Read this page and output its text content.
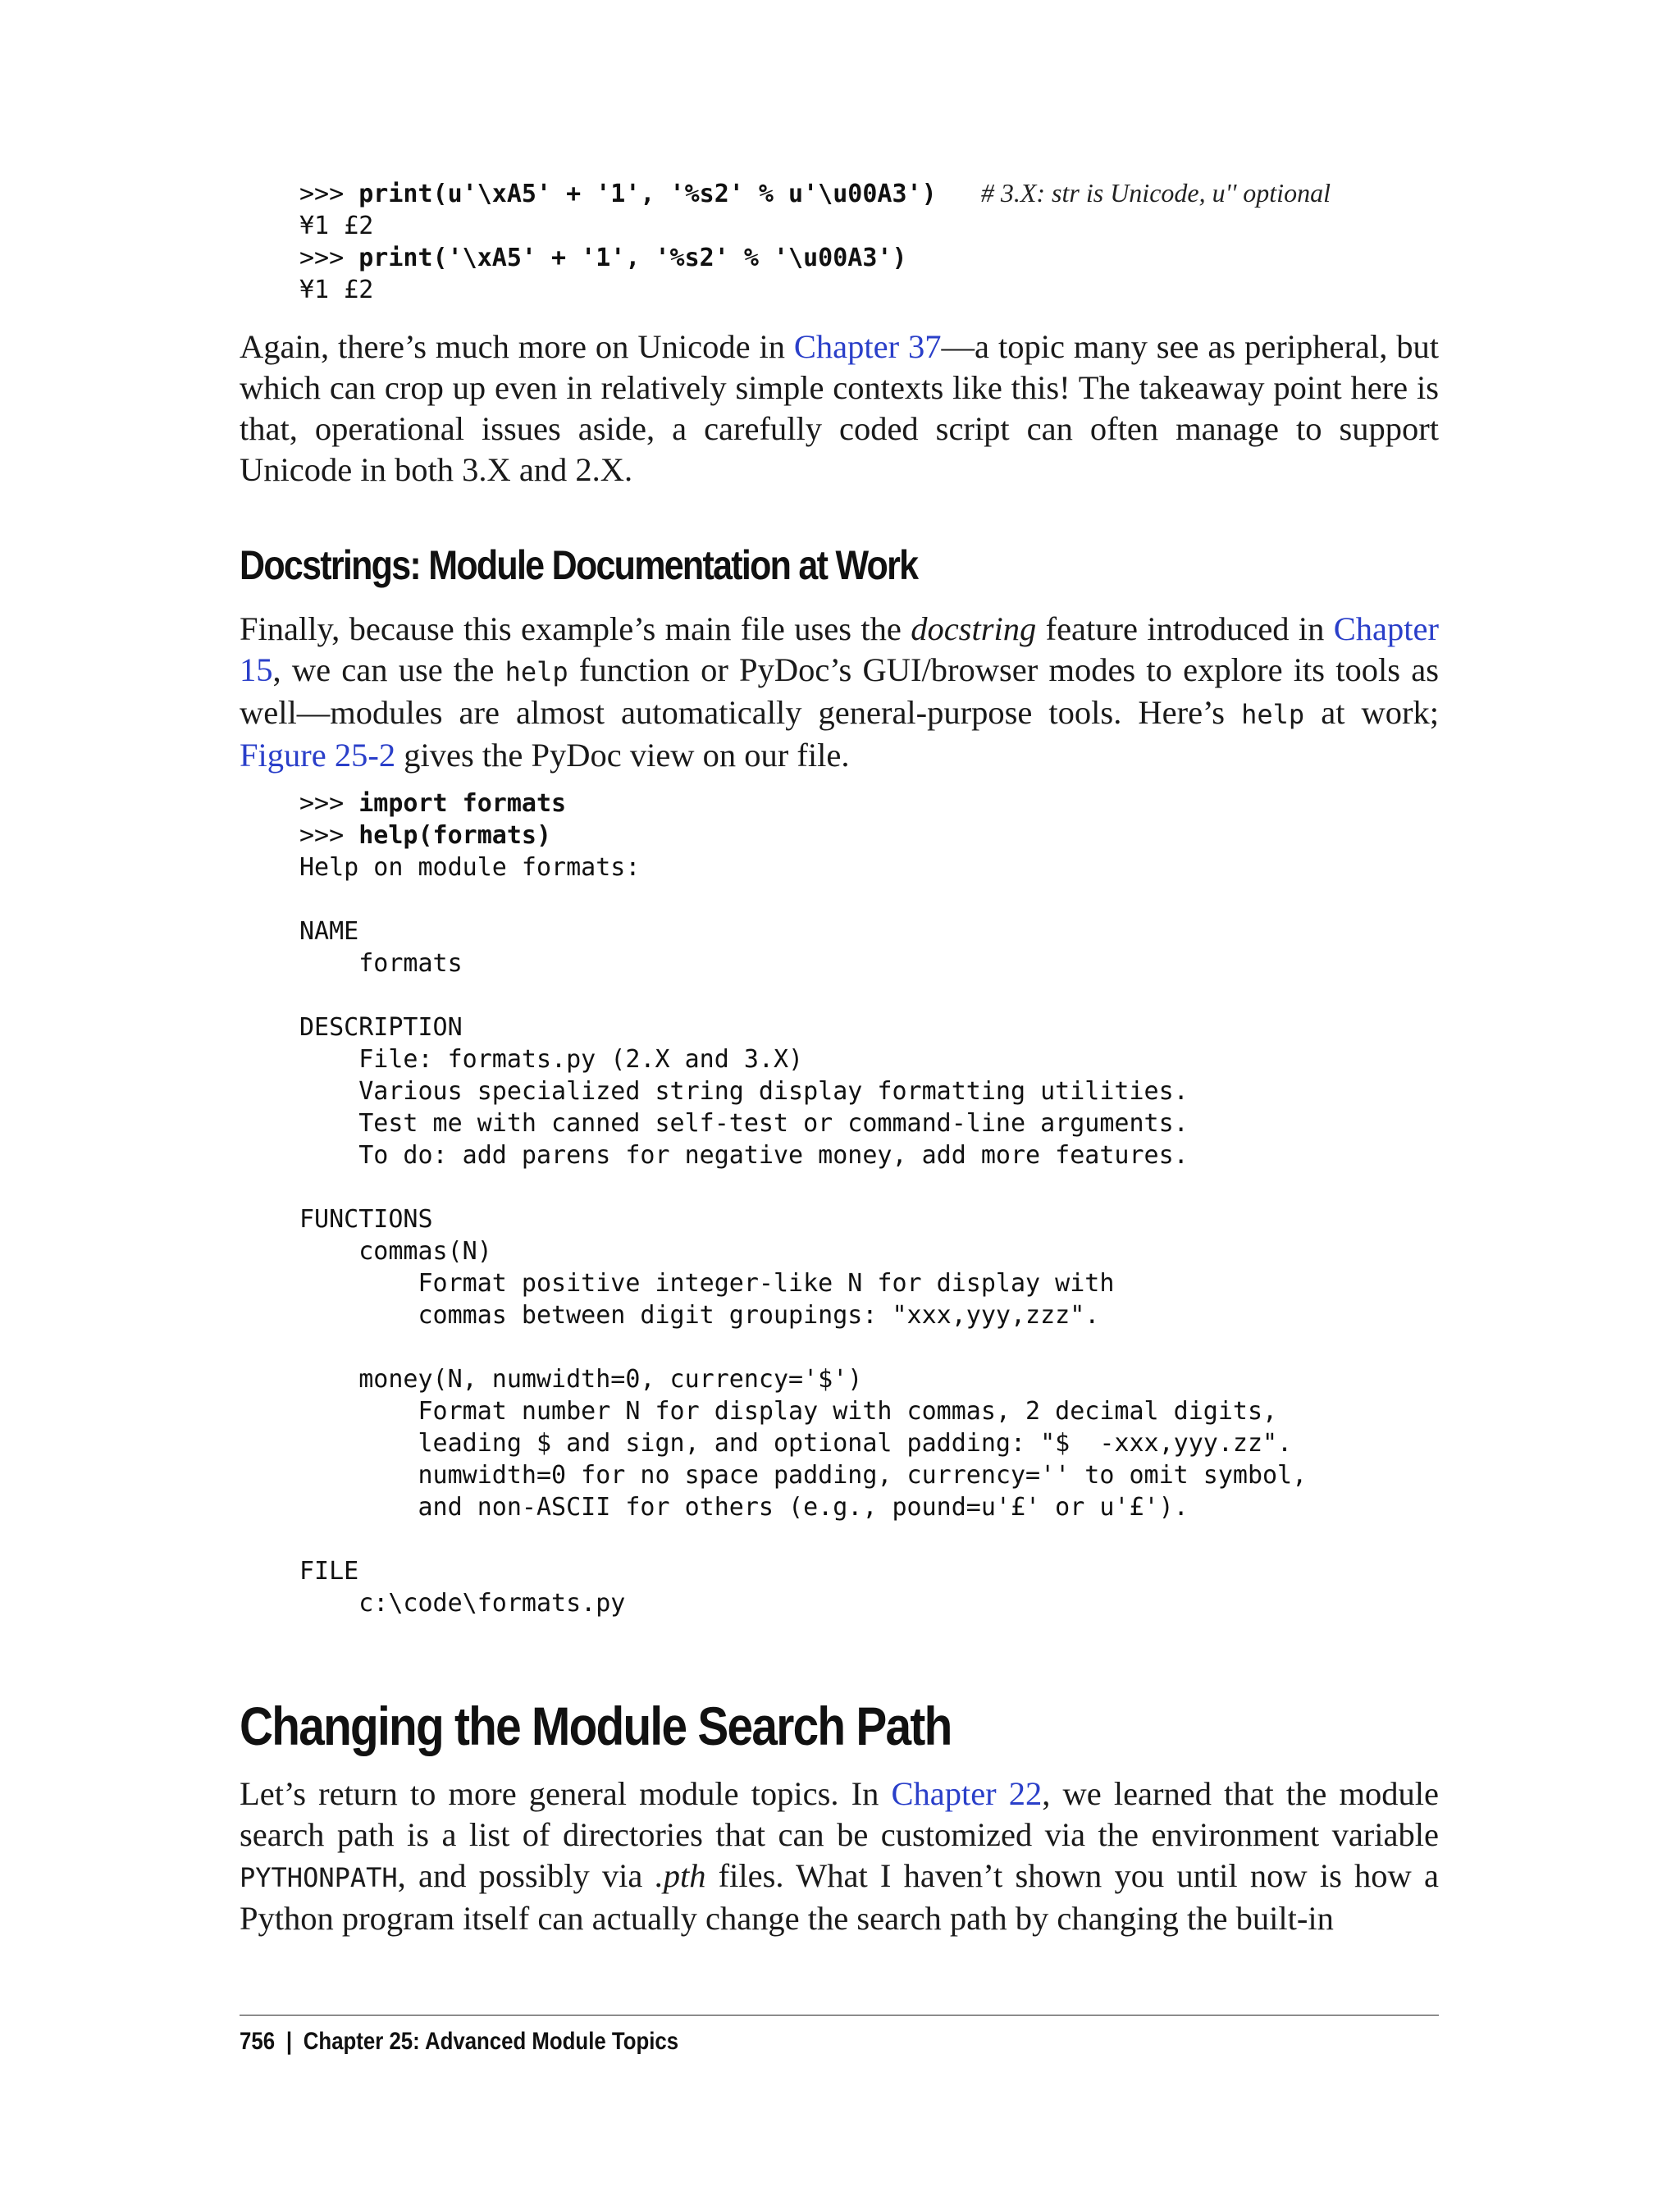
>>> print(u'\xA5' + '1', '%s2' % u'\u00A3') # 3.X: str is Unicode, u'' optional
¥1 £2
>>> print('\xA5' + '1', '%s2' % '\u00A3')
¥1 £2

Again, there’s much more on Unicode in Chapter 37—a topic many see as peripheral, but which can crop up even in relatively simple contexts like this! The takeaway point here is that, operational issues aside, a carefully coded script can often manage to support Unicode in both 3.X and 2.X.

Docstrings: Module Documentation at Work

Finally, because this example’s main file uses the docstring feature introduced in Chapter 15, we can use the help function or PyDoc’s GUI/browser modes to explore its tools as well—modules are almost automatically general-purpose tools. Here’s help at work; Figure 25-2 gives the PyDoc view on our file.

>>> import formats
>>> help(formats)
Help on module formats:

NAME
formats

DESCRIPTION
File: formats.py (2.X and 3.X)
Various specialized string display formatting utilities.
Test me with canned self-test or command-line arguments.
To do: add parens for negative money, add more features.

FUNCTIONS
commas(N)
Format positive integer-like N for display with
commas between digit groupings: "xxx,yyy,zzz".

money(N, numwidth=0, currency='$')
Format number N for display with commas, 2 decimal digits,
leading $ and sign, and optional padding: "$  -xxx,yyy.zz".
numwidth=0 for no space padding, currency='' to omit symbol,
and non-ASCII for others (e.g., pound=u'£' or u'£').

FILE
c:\code\formats.py
Changing the Module Search Path

Let’s return to more general module topics. In Chapter 22, we learned that the module search path is a list of directories that can be customized via the environment variable PYTHONPATH, and possibly via .pth files. What I haven’t shown you until now is how a Python program itself can actually change the search path by changing the built-in

756 | Chapter 25: Advanced Module Topics
